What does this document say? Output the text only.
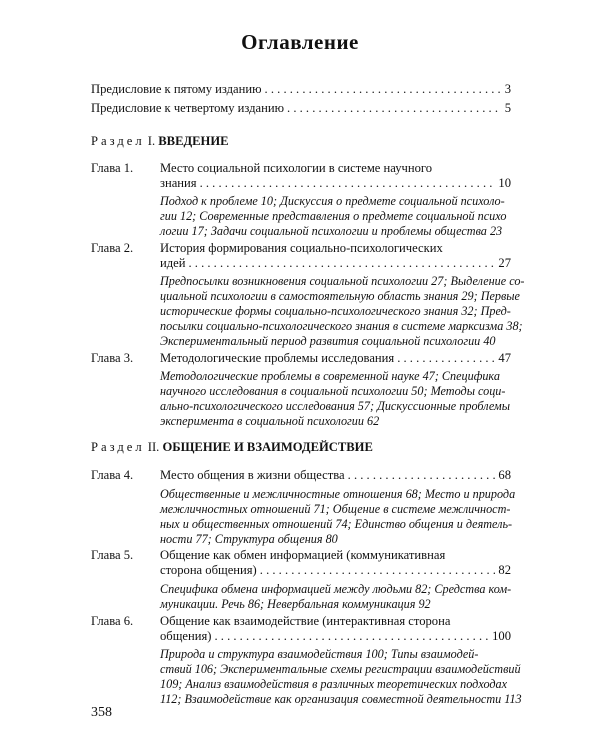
Оглавление
Предисловие к пятому изданию . . .	3
Предисловие к четвертому изданию . . .	5
Раздел I. ВВЕДЕНИЕ
Глава 1. Место социальной психологии в системе научного
знания . . .	10
Подход к проблеме 10; Дискуссия о предмете социальной психоло-
гии 12; Современные представления о предмете социальной психо
логии 17; Задачи социальной психологии и проблемы общества 23
Глава 2. История формирования социально-психологических
идей . . .	27
Предпосылки возникновения социальной психологии 27; Выделение со-
циальной психологии в самостоятельную область знания 29; Первые
исторические формы социально-психологического знания 32; Пред-
посылки социально-психологического знания в системе марксизма 38;
Экспериментальный период развития социальной психологии 40
Глава 3. Методологические проблемы исследования . . .	47
Методологические проблемы в современной науке 47; Специфика
научного исследования в социальной психологии 50; Методы соци-
ально-психологического исследования 57; Дискуссионные проблемы
эксперимента в социальной психологии 62
Раздел II. ОБЩЕНИЕ И ВЗАИМОДЕЙСТВИЕ
Глава 4. Место общения в жизни общества . . .	68
Общественные и межличностные отношения 68; Место и природа
межличностных отношений 71; Общение в системе межличност-
ных и общественных отношений 74; Единство общения и деятель-
ности 77; Структура общения 80
Глава 5. Общение как обмен информацией (коммуникативная
сторона общения) . . .	82
Специфика обмена информацией между людьми 82; Средства ком-
муникации. Речь 86; Невербальная коммуникация 92
Глава 6. Общение как взаимодействие (интерактивная сторона
общения) . . .	100
Природа и структура взаимодействия 100; Типы взаимодей-
ствий 106; Экспериментальные схемы регистрации взаимодействий
109; Анализ взаимодействия в различных теоретических подходах
112; Взаимодействие как организация совместной деятельности 113
358
